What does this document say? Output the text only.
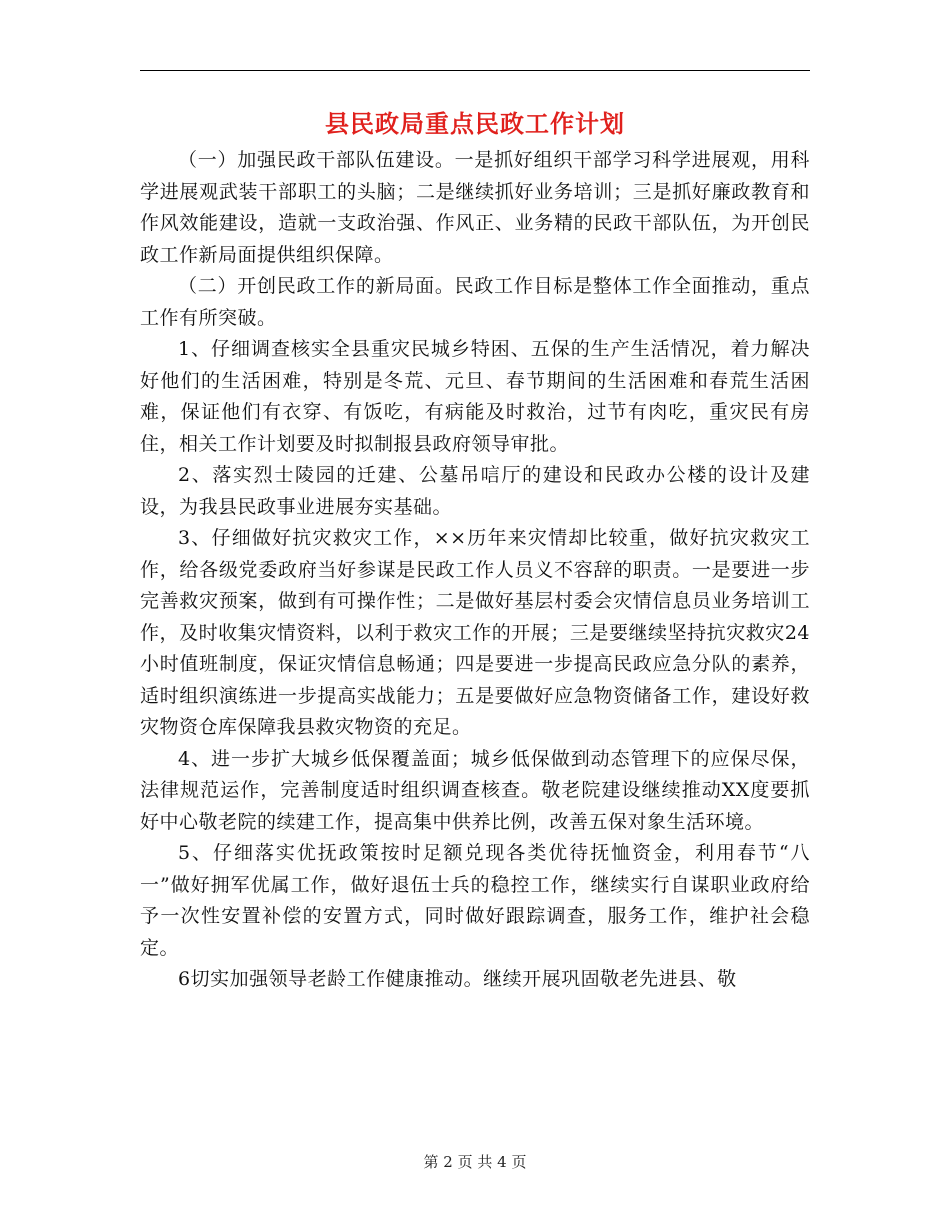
县民政局重点民政工作计划

（一）加强民政干部队伍建设。一是抓好组织干部学习科学进展观，用科学进展观武装干部职工的头脑；二是继续抓好业务培训；三是抓好廉政教育和作风效能建设，造就一支政治强、作风正、业务精的民政干部队伍，为开创民政工作新局面提供组织保障。

（二）开创民政工作的新局面。民政工作目标是整体工作全面推动，重点工作有所突破。

1、仔细调查核实全县重灾民城乡特困、五保的生产生活情况，着力解决好他们的生活困难，特别是冬荒、元旦、春节期间的生活困难和春荒生活困难，保证他们有衣穿、有饭吃，有病能及时救治，过节有肉吃，重灾民有房住，相关工作计划要及时拟制报县政府领导审批。

2、落实烈士陵园的迁建、公墓吊唁厅的建设和民政办公楼的设计及建设，为我县民政事业进展夯实基础。

3、仔细做好抗灾救灾工作，××历年来灾情却比较重，做好抗灾救灾工作，给各级党委政府当好参谋是民政工作人员义不容辞的职责。一是要进一步完善救灾预案，做到有可操作性；二是做好基层村委会灾情信息员业务培训工作，及时收集灾情资料，以利于救灾工作的开展；三是要继续坚持抗灾救灾24小时值班制度，保证灾情信息畅通；四是要进一步提高民政应急分队的素养，适时组织演练进一步提高实战能力；五是要做好应急物资储备工作，建设好救灾物资仓库保障我县救灾物资的充足。

4、进一步扩大城乡低保覆盖面；城乡低保做到动态管理下的应保尽保，法律规范运作，完善制度适时组织调查核查。敬老院建设继续推动XX度要抓好中心敬老院的续建工作，提高集中供养比例，改善五保对象生活环境。

5、仔细落实优抚政策按时足额兑现各类优待抚恤资金，利用春节“八一”做好拥军优属工作，做好退伍士兵的稳控工作，继续实行自谋职业政府给予一次性安置补偿的安置方式，同时做好跟踪调查，服务工作，维护社会稳定。

6切实加强领导老龄工作健康推动。继续开展巩固敬老先进县、敬

第 2 页 共 4 页
